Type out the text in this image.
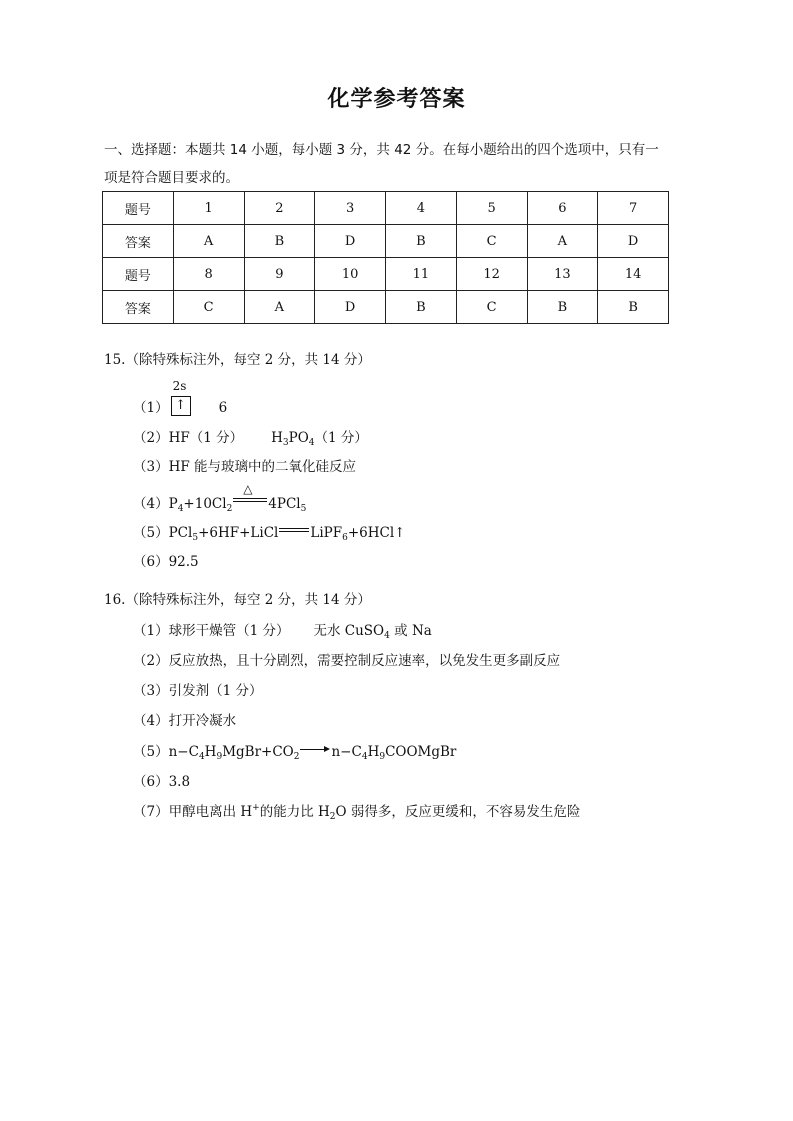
化学参考答案
一、选择题：本题共 14 小题，每小题 3 分，共 42 分。在每小题给出的四个选项中，只有一
项是符合题目要求的。
题号	1	2	3	4	5	6	7
答案	A	B	D	B	C	A	D
题号	8	9	10	11	12	13	14
答案	C	A	D	B	C	B	B
15.（除特殊标注外，每空 2 分，共 14 分）
（1）
2s
↑ 6
（2）HF（1 分） $H_3PO_4(1$ 分）
（3）HF 能与玻璃中的二氧化硅反应
$(4)P_4+10Cl_2$
△
4PCl$_5$
（5）PCl$_5$+6HF+LiCl LiPF$_6$+6HCl↑
（6）92.5
16.（除特殊标注外，每空 2 分，共 14 分）
（1）球形干燥管（1 分） 无水 CuSO$_4$ 或 Na
（2）反应放热，且十分剧烈，需要控制反应速率，以免发生更多副反应
（3）引发剂（1 分）
（4）打开冷凝水
$(5)n-C_4H_9MgBr+CO_2$ $n-C_4H_9COOMgBr$
（6）3.8
（7）甲醇电离出 H+的能力比 $H_2O$ 弱得多，反应更缓和，不容易发生危险
